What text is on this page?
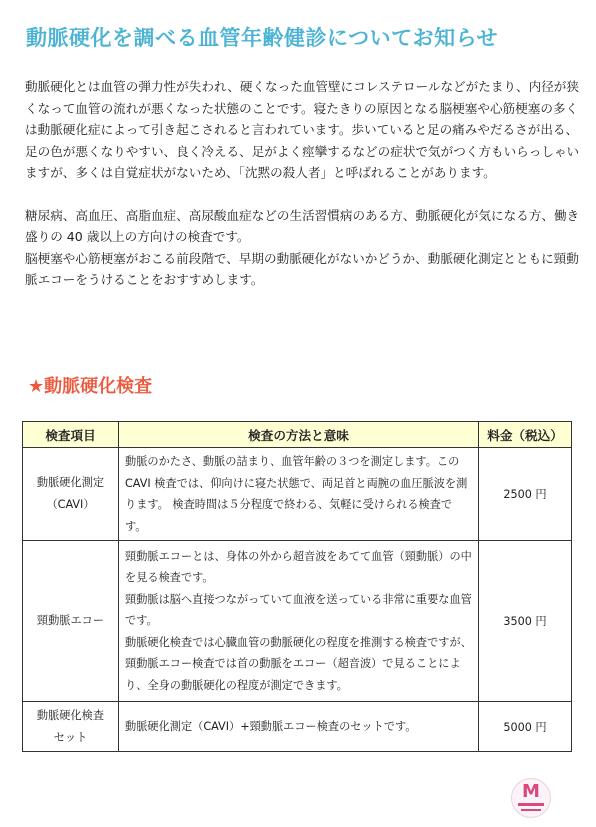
動脈硬化を調べる血管年齢健診についてお知らせ

動脈硬化とは血管の弾力性が失われ、硬くなった血管壁にコレステロールなどがたまり、内径が狭くなって血管の流れが悪くなった状態のことです。寝たきりの原因となる脳梗塞や心筋梗塞の多くは動脈硬化症によって引き起こされると言われています。歩いていると足の痛みやだるさが出る、足の色が悪くなりやすい、良く冷える、足がよく痙攣するなどの症状で気がつく方もいらっしゃいますが、多くは自覚症状がないため、「沈黙の殺人者」と呼ばれることがあります。

糖尿病、高血圧、高脂血症、高尿酸血症などの生活習慣病のある方、動脈硬化が気になる方、働き盛りの 40 歳以上の方向けの検査です。

脳梗塞や心筋梗塞がおこる前段階で、早期の動脈硬化がないかどうか、動脈硬化測定とともに頸動脈エコーをうけることをおすすめします。

★動脈硬化検査
検査項目	検査の方法と意味	料金（税込）

動脈硬化測定
（CAVI）	動脈のかたさ、動脈の詰まり、血管年齢の３つを測定します。このCAVI 検査では、仰向けに寝た状態で、両足首と両腕の血圧脈波を測ります。 検査時間は５分程度で終わる、気軽に受けられる検査です。	2500 円

頸動脈エコー	頸動脈エコーとは、身体の外から超音波をあてて血管（頸動脈）の中を見る検査です。

頸動脈は脳へ直接つながっていて血液を送っている非常に重要な血管です。

動脈硬化検査では心臓血管の動脈硬化の程度を推測する検査ですが、頸動脈エコー検査では首の動脈をエコー（超音波）で見ることにより、全身の動脈硬化の程度が測定できます。	3500 円

動脈硬化検査
セット	動脈硬化測定（CAVI）+頸動脈エコー検査のセットです。	5000 円
M
